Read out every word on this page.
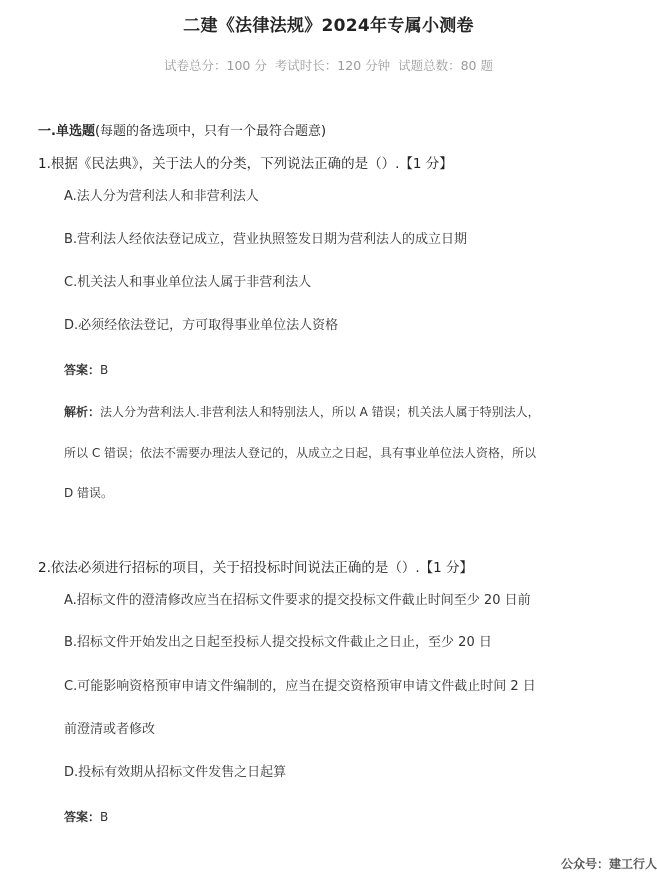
二建《法律法规》2024年专属小测卷
试卷总分：100 分  考试时长：120 分钟  试题总数：80 题
一.单选题(每题的备选项中，只有一个最符合题意)
1.根据《民法典》，关于法人的分类，下列说法正确的是（）.【1 分】
A.法人分为营利法人和非营利法人
B.营利法人经依法登记成立，营业执照签发日期为营利法人的成立日期
C.机关法人和事业单位法人属于非营利法人
D.必须经依法登记，方可取得事业单位法人资格
答案：B
解析：法人分为营利法人.非营利法人和特别法人，所以 A 错误；机关法人属于特别法人，
所以 C 错误；依法不需要办理法人登记的，从成立之日起，具有事业单位法人资格，所以
D 错误。
2.依法必须进行招标的项目，关于招投标时间说法正确的是（）.【1 分】
A.招标文件的澄清修改应当在招标文件要求的提交投标文件截止时间至少 20 日前
B.招标文件开始发出之日起至投标人提交投标文件截止之日止，至少 20 日
C.可能影响资格预审申请文件编制的，应当在提交资格预审申请文件截止时间 2 日
前澄清或者修改
D.投标有效期从招标文件发售之日起算
答案：B
公众号：建工行人
